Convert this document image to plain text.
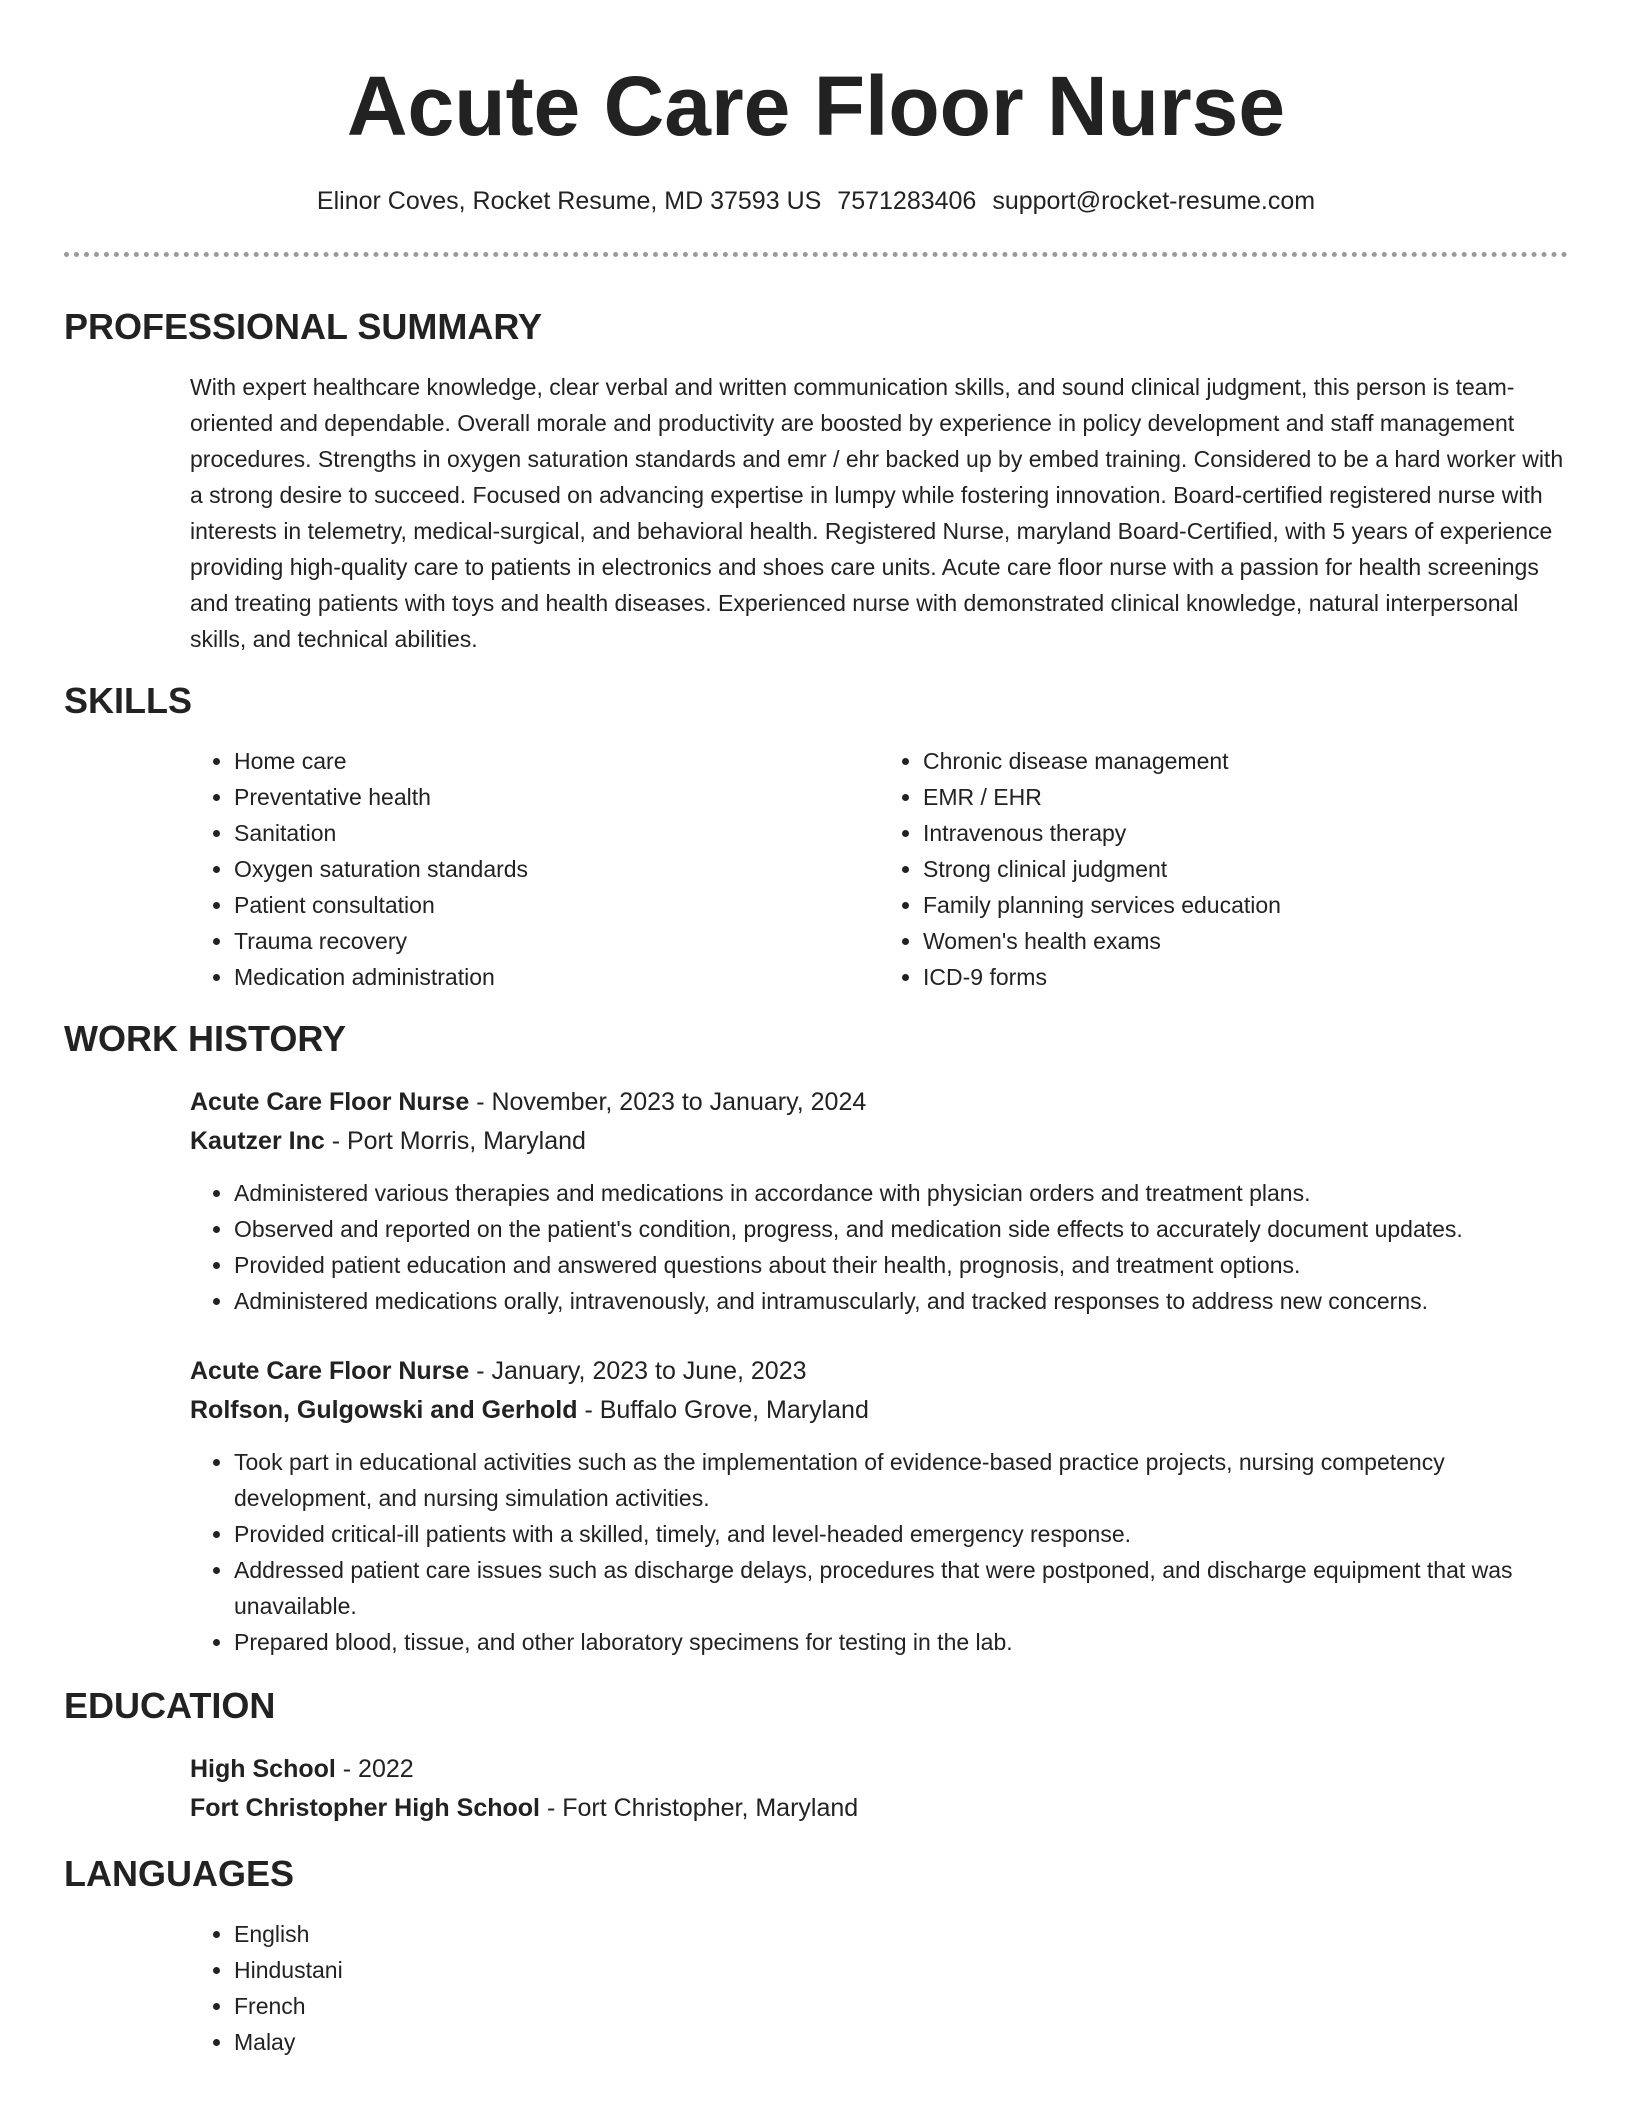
Acute Care Floor Nurse
Elinor Coves, Rocket Resume, MD 37593 US 7571283406 support@rocket-resume.com
PROFESSIONAL SUMMARY

With expert healthcare knowledge, clear verbal and written communication skills, and sound clinical judgment, this person is team-oriented and dependable. Overall morale and productivity are boosted by experience in policy development and staff management procedures. Strengths in oxygen saturation standards and emr / ehr backed up by embed training. Considered to be a hard worker with a strong desire to succeed. Focused on advancing expertise in lumpy while fostering innovation. Board-certified registered nurse with interests in telemetry, medical-surgical, and behavioral health. Registered Nurse, maryland Board-Certified, with 5 years of experience providing high-quality care to patients in electronics and shoes care units. Acute care floor nurse with a passion for health screenings and treating patients with toys and health diseases. Experienced nurse with demonstrated clinical knowledge, natural interpersonal skills, and technical abilities.

SKILLS
• Home care
• Preventative health
• Sanitation
• Oxygen saturation standards
• Patient consultation
• Trauma recovery
• Medication administration
• Chronic disease management
• EMR / EHR
• Intravenous therapy
• Strong clinical judgment
• Family planning services education
• Women's health exams
• ICD-9 forms
WORK HISTORY
Acute Care Floor Nurse - November, 2023 to January, 2024
Kautzer Inc - Port Morris, Maryland
• Administered various therapies and medications in accordance with physician orders and treatment plans.
• Observed and reported on the patient's condition, progress, and medication side effects to accurately document updates.
• Provided patient education and answered questions about their health, prognosis, and treatment options.
• Administered medications orally, intravenously, and intramuscularly, and tracked responses to address new concerns.
Acute Care Floor Nurse - January, 2023 to June, 2023
Rolfson, Gulgowski and Gerhold - Buffalo Grove, Maryland
• Took part in educational activities such as the implementation of evidence-based practice projects, nursing competency development, and nursing simulation activities.
• Provided critical-ill patients with a skilled, timely, and level-headed emergency response.
• Addressed patient care issues such as discharge delays, procedures that were postponed, and discharge equipment that was unavailable.
• Prepared blood, tissue, and other laboratory specimens for testing in the lab.
EDUCATION
High School - 2022
Fort Christopher High School - Fort Christopher, Maryland
LANGUAGES
• English
• Hindustani
• French
• Malay
